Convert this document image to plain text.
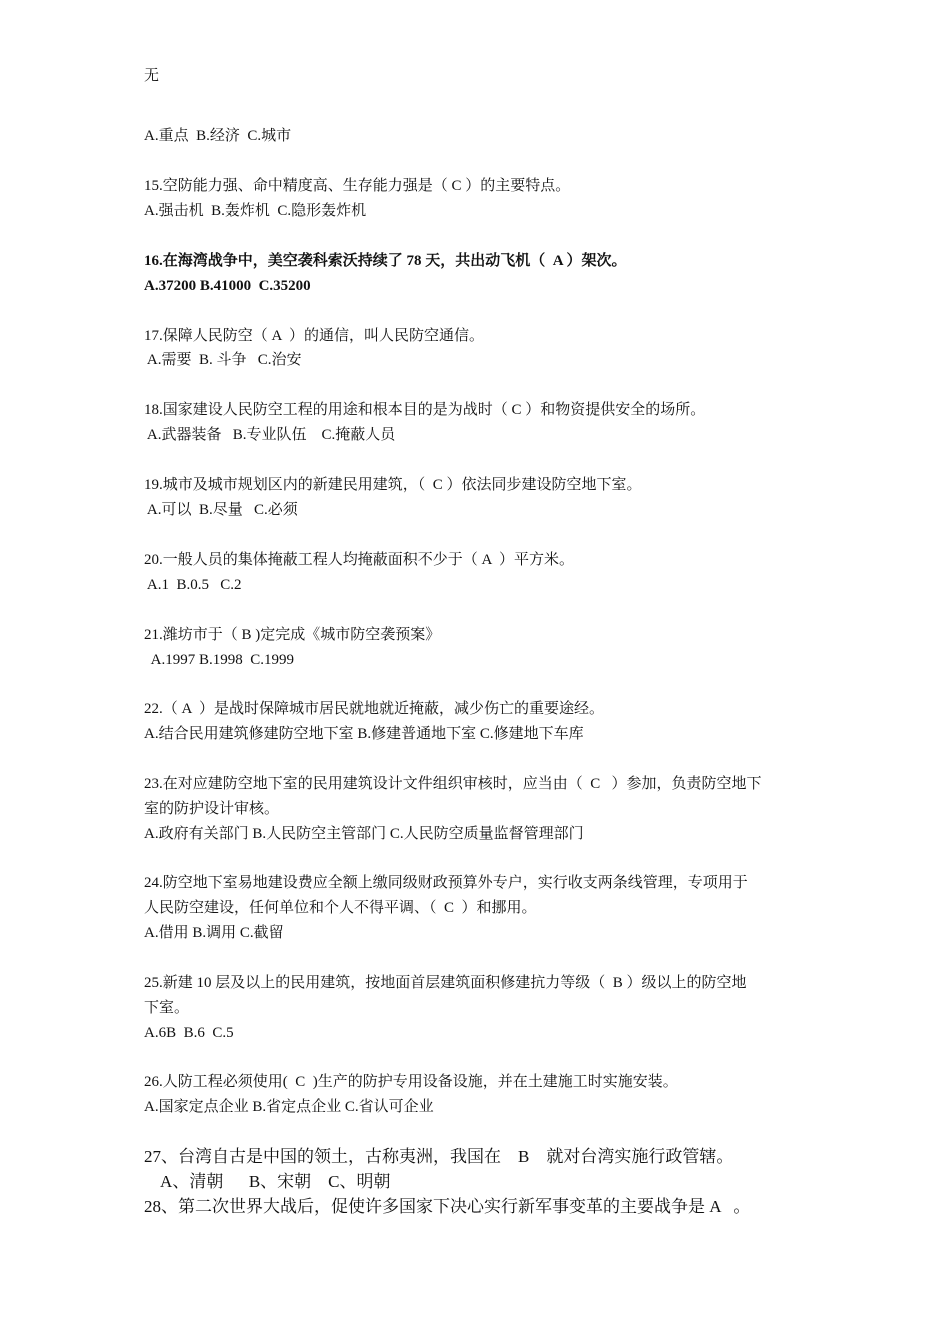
无
A.重点  B.经济  C.城市
15.空防能力强、命中精度高、生存能力强是（ C ）的主要特点。
A.强击机  B.轰炸机  C.隐形轰炸机
16.在海湾战争中，美空袭科索沃持续了 78 天，共出动飞机（  A ）架次。
A.37200 B.41000  C.35200
17.保障人民防空（ A  ）的通信，叫人民防空通信。
A.需要  B. 斗争   C.治安
18.国家建设人民防空工程的用途和根本目的是为战时（ C ）和物资提供安全的场所。
A.武器装备   B.专业队伍    C.掩蔽人员
19.城市及城市规划区内的新建民用建筑，（  C ）依法同步建设防空地下室。
A.可以  B.尽量   C.必须
20.一般人员的集体掩蔽工程人均掩蔽面积不少于（ A  ）平方米。
A.1  B.0.5   C.2
21.潍坊市于（ B )定完成《城市防空袭预案》
A.1997 B.1998  C.1999
22.（ A  ）是战时保障城市居民就地就近掩蔽，减少伤亡的重要途经。
A.结合民用建筑修建防空地下室 B.修建普通地下室 C.修建地下车库
23.在对应建防空地下室的民用建筑设计文件组织审核时，应当由（  C   ）参加，负责防空地下
室的防护设计审核。
A.政府有关部门 B.人民防空主管部门 C.人民防空质量监督管理部门
24.防空地下室易地建设费应全额上缴同级财政预算外专户，实行收支两条线管理，专项用于
人民防空建设，任何单位和个人不得平调、（  C  ）和挪用。
A.借用 B.调用 C.截留
25.新建 10 层及以上的民用建筑，按地面首层建筑面积修建抗力等级（  B ）级以上的防空地
下室。
A.6B  B.6  C.5
26.人防工程必须使用(  C  )生产的防护专用设备设施，并在土建施工时实施安装。
A.国家定点企业 B.省定点企业 C.省认可企业
27、台湾自古是中国的领土，古称夷洲，我国在    B    就对台湾实施行政管辖。
A、清朝      B、宋朝    C、明朝
28、第二次世界大战后，促使许多国家下决心实行新军事变革的主要战争是 A   。
